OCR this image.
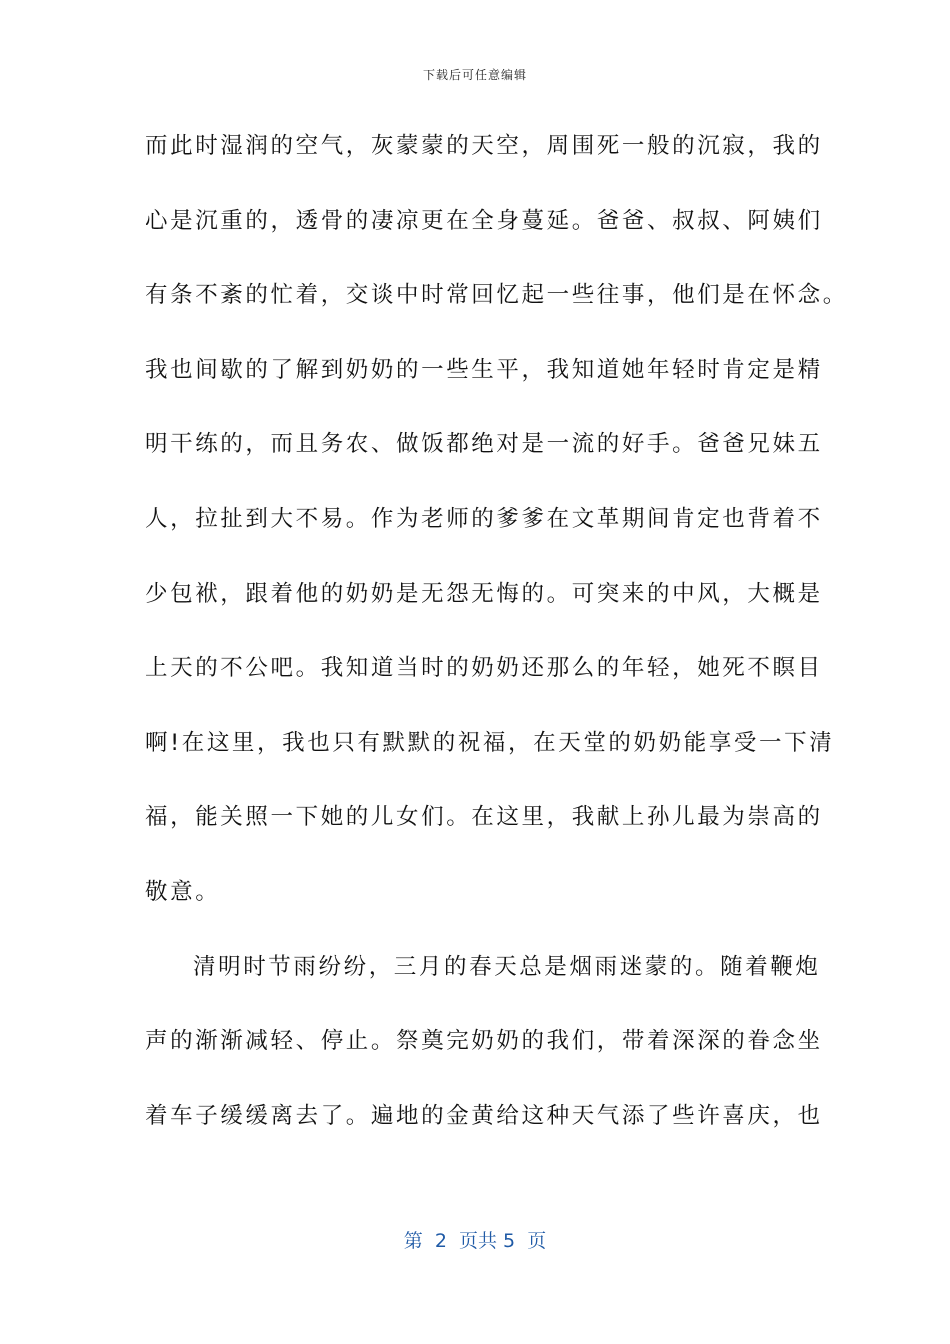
下载后可任意编辑
而此时湿润的空气，灰蒙蒙的天空，周围死一般的沉寂，我的
心是沉重的，透骨的凄凉更在全身蔓延。爸爸、叔叔、阿姨们
有条不紊的忙着，交谈中时常回忆起一些往事，他们是在怀念。
我也间歇的了解到奶奶的一些生平，我知道她年轻时肯定是精
明干练的，而且务农、做饭都绝对是一流的好手。爸爸兄妹五
人，拉扯到大不易。作为老师的爹爹在文革期间肯定也背着不
少包袱，跟着他的奶奶是无怨无悔的。可突来的中风，大概是
上天的不公吧。我知道当时的奶奶还那么的年轻，她死不瞑目
啊!在这里，我也只有默默的祝福，在天堂的奶奶能享受一下清
福，能关照一下她的儿女们。在这里，我献上孙儿最为崇高的
敬意。
清明时节雨纷纷，三月的春天总是烟雨迷蒙的。随着鞭炮
声的渐渐减轻、停止。祭奠完奶奶的我们，带着深深的眷念坐
着车子缓缓离去了。遍地的金黄给这种天气添了些许喜庆，也
第  2  页共 5  页
